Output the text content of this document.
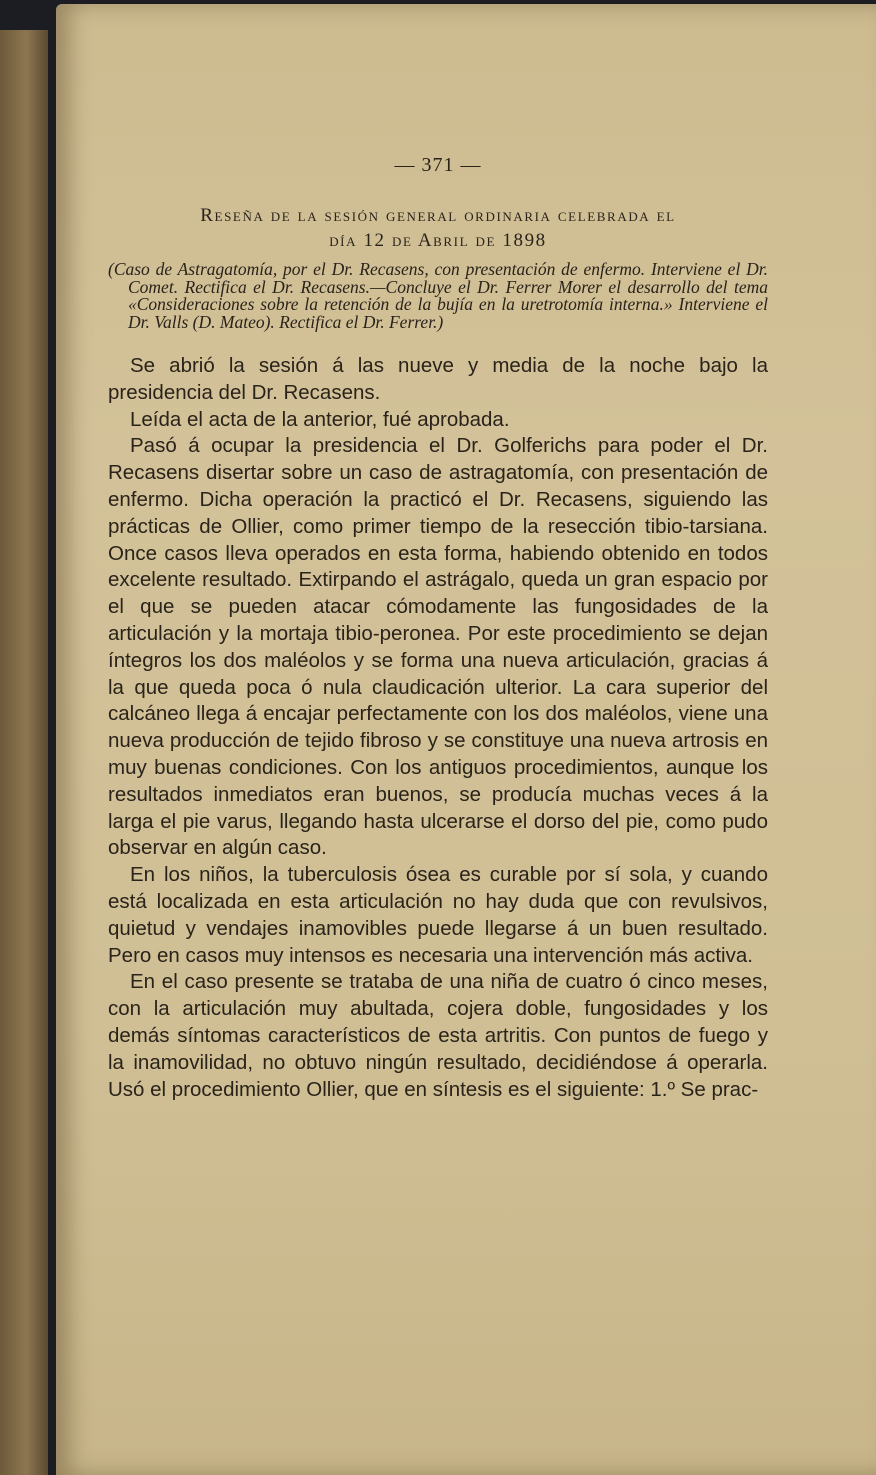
— 371 —
Reseña de la sesión general ordinaria celebrada el
día 12 de Abril de 1898
(Caso de Astragatomía, por el Dr. Recasens, con presentación de enfermo. Interviene el Dr. Comet. Rectifica el Dr. Recasens.—Concluye el Dr. Ferrer Morer el desarrollo del tema «Consideraciones sobre la retención de la bujía en la uretrotomía interna.» Interviene el Dr. Valls (D. Mateo). Rectifica el Dr. Ferrer.)

Se abrió la sesión á las nueve y media de la noche bajo la presidencia del Dr. Recasens.

Leída el acta de la anterior, fué aprobada.

Pasó á ocupar la presidencia el Dr. Golferichs para poder el Dr. Recasens disertar sobre un caso de astragatomía, con presentación de enfermo. Dicha operación la practicó el Dr. Recasens, siguiendo las prácticas de Ollier, como primer tiempo de la resección tibio-tarsiana. Once casos lleva operados en esta forma, habiendo obtenido en todos excelente resultado. Extirpando el astrágalo, queda un gran espacio por el que se pueden atacar cómodamente las fungosidades de la articulación y la mortaja tibio-peronea. Por este procedimiento se dejan íntegros los dos maléolos y se forma una nueva articulación, gracias á la que queda poca ó nula claudicación ulterior. La cara superior del calcáneo llega á encajar perfectamente con los dos maléolos, viene una nueva producción de tejido fibroso y se constituye una nueva artrosis en muy buenas condiciones. Con los antiguos procedimientos, aunque los resultados inmediatos eran buenos, se producía muchas veces á la larga el pie varus, llegando hasta ulcerarse el dorso del pie, como pudo observar en algún caso.

En los niños, la tuberculosis ósea es curable por sí sola, y cuando está localizada en esta articulación no hay duda que con revulsivos, quietud y vendajes inamovibles puede llegarse á un buen resultado. Pero en casos muy intensos es necesaria una intervención más activa.

En el caso presente se trataba de una niña de cuatro ó cinco meses, con la articulación muy abultada, cojera doble, fungosidades y los demás síntomas característicos de esta artritis. Con puntos de fuego y la inamovilidad, no obtuvo ningún resultado, decidiéndose á operarla. Usó el procedimiento Ollier, que en síntesis es el siguiente: 1.º Se prac-
